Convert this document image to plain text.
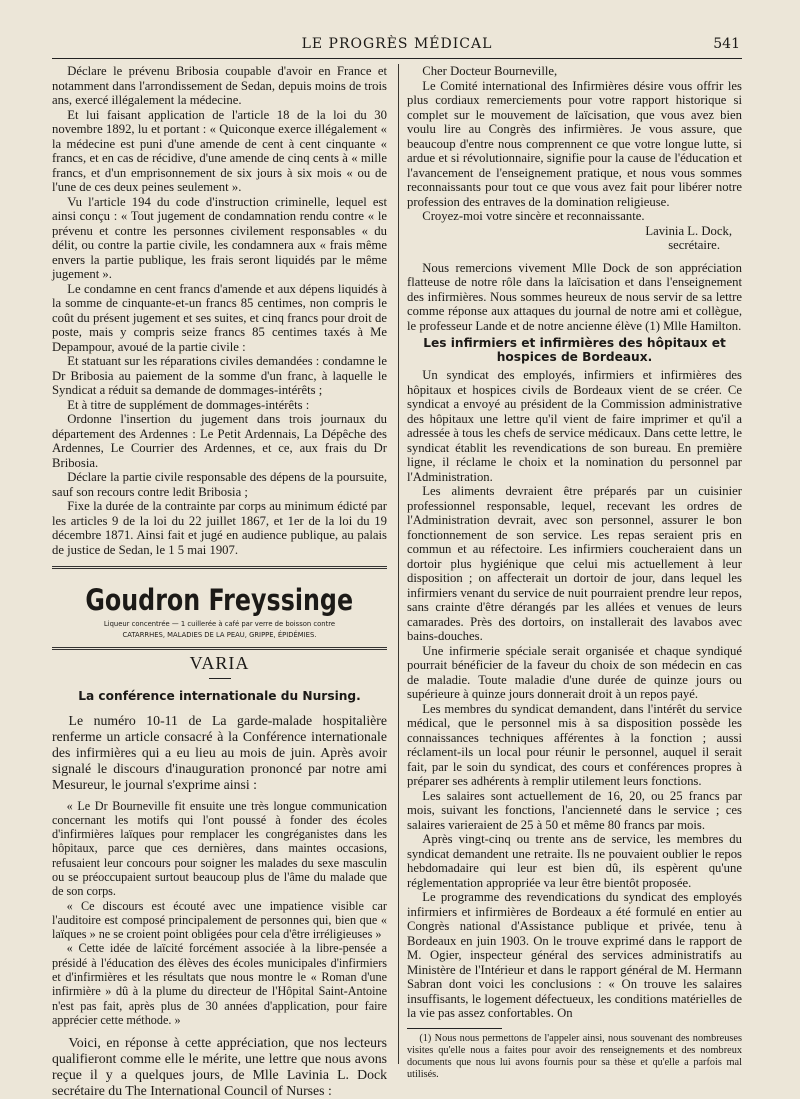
LE PROGRÈS MÉDICAL	541

Déclare le prévenu Bribosia coupable d'avoir en France et notamment dans l'arrondissement de Sedan, depuis moins de trois ans, exercé illégalement la médecine.

Et lui faisant application de l'article 18 de la loi du 30 novembre 1892, lu et portant : « Quiconque exerce illégalement « la médecine est puni d'une amende de cent à cent cinquante « francs, et en cas de récidive, d'une amende de cinq cents à « mille francs, et d'un emprisonnement de six jours à six mois « ou de l'une de ces deux peines seulement ».

Vu l'article 194 du code d'instruction criminelle, lequel est ainsi conçu : « Tout jugement de condamnation rendu contre « le prévenu et contre les personnes civilement responsables « du délit, ou contre la partie civile, les condamnera aux « frais même envers la partie publique, les frais seront liquidés par le même jugement ».

Le condamne en cent francs d'amende et aux dépens liquidés à la somme de cinquante-et-un francs 85 centimes, non compris le coût du présent jugement et ses suites, et cinq francs pour droit de poste, mais y compris seize francs 85 centimes taxés à Me Depampour, avoué de la partie civile :

Et statuant sur les réparations civiles demandées : condamne le Dr Bribosia au paiement de la somme d'un franc, à laquelle le Syndicat a réduit sa demande de dommages-intérêts ;

Et à titre de supplément de dommages-intérêts :

Ordonne l'insertion du jugement dans trois journaux du département des Ardennes : Le Petit Ardennais, La Dépêche des Ardennes, Le Courrier des Ardennes, et ce, aux frais du Dr Bribosia.

Déclare la partie civile responsable des dépens de la poursuite, sauf son recours contre ledit Bribosia ;

Fixe la durée de la contrainte par corps au minimum édicté par les articles 9 de la loi du 22 juillet 1867, et 1er de la loi du 19 décembre 1871. Ainsi fait et jugé en audience publique, au palais de justice de Sedan, le 1 5 mai 1907.

Goudron Freyssinge
Liqueur concentrée — 1 cuillerée à café par verre de boisson contre
CATARRHES, MALADIES DE LA PEAU, GRIPPE, ÉPIDÉMIES.
VARIA
La conférence internationale du Nursing.

Le numéro 10-11 de La garde-malade hospitalière renferme un article consacré à la Conférence internationale des infirmières qui a eu lieu au mois de juin. Après avoir signalé le discours d'inauguration prononcé par notre ami Mesureur, le journal s'exprime ainsi :

« Le Dr Bourneville fit ensuite une très longue communication concernant les motifs qui l'ont poussé à fonder des écoles d'infirmières laïques pour remplacer les congréganistes dans les hôpitaux, parce que ces dernières, dans maintes occasions, refusaient leur concours pour soigner les malades du sexe masculin ou se préoccupaient surtout beaucoup plus de l'âme du malade que de son corps.

« Ce discours est écouté avec une impatience visible car l'auditoire est composé principalement de personnes qui, bien que « laïques » ne se croient point obligées pour cela d'être irréligieuses »

« Cette idée de laïcité forcément associée à la libre-pensée a présidé à l'éducation des élèves des écoles municipales d'infirmiers et d'infirmières et les résultats que nous montre le « Roman d'une infirmière » dû à la plume du directeur de l'Hôpital Saint-Antoine n'est pas fait, après plus de 30 années d'application, pour faire apprécier cette méthode. »

Voici, en réponse à cette appréciation, que nos lecteurs qualifieront comme elle le mérite, une lettre que nous avons reçue il y a quelques jours, de Mlle Lavinia L. Dock secrétaire du The International Council of Nurses :

Cher Docteur Bourneville,

Le Comité international des Infirmières désire vous offrir les plus cordiaux remerciements pour votre rapport historique si complet sur le mouvement de laïcisation, que vous avez bien voulu lire au Congrès des infirmières. Je vous assure, que beaucoup d'entre nous comprennent ce que votre longue lutte, si ardue et si révolutionnaire, signifie pour la cause de l'éducation et l'avancement de l'enseignement pratique, et nous vous sommes reconnaissants pour tout ce que vous avez fait pour libérer notre profession des entraves de la domination religieuse.

Croyez-moi votre sincère et reconnaissante.

Lavinia L. Dock,
secrétaire.

Nous remercions vivement Mlle Dock de son appréciation flatteuse de notre rôle dans la laïcisation et dans l'enseignement des infirmières. Nous sommes heureux de nous servir de sa lettre comme réponse aux attaques du journal de notre ami et collègue, le professeur Lande et de notre ancienne élève (1) Mlle Hamilton.

Les infirmiers et infirmières des hôpitaux et hospices de Bordeaux.

Un syndicat des employés, infirmiers et infirmières des hôpitaux et hospices civils de Bordeaux vient de se créer. Ce syndicat a envoyé au président de la Commission administrative des hôpitaux une lettre qu'il vient de faire imprimer et qu'il a adressée à tous les chefs de service médicaux. Dans cette lettre, le syndicat établit les revendications de son bureau. En première ligne, il réclame le choix et la nomination du personnel par l'Administration.

Les aliments devraient être préparés par un cuisinier professionnel responsable, lequel, recevant les ordres de l'Administration devrait, avec son personnel, assurer le bon fonctionnement de son service. Les repas seraient pris en commun et au réfectoire. Les infirmiers coucheraient dans un dortoir plus hygiénique que celui mis actuellement à leur disposition ; on affecterait un dortoir de jour, dans lequel les infirmiers venant du service de nuit pourraient prendre leur repos, sans crainte d'être dérangés par les allées et venues de leurs camarades. Près des dortoirs, on installerait des lavabos avec bains-douches.

Une infirmerie spéciale serait organisée et chaque syndiqué pourrait bénéficier de la faveur du choix de son médecin en cas de maladie. Toute maladie d'une durée de quinze jours ou supérieure à quinze jours donnerait droit à un repos payé.

Les membres du syndicat demandent, dans l'intérêt du service médical, que le personnel mis à sa disposition possède les connaissances techniques afférentes à la fonction ; aussi réclament-ils un local pour réunir le personnel, auquel il serait fait, par le soin du syndicat, des cours et conférences propres à préparer ses adhérents à remplir utilement leurs fonctions.

Les salaires sont actuellement de 16, 20, ou 25 francs par mois, suivant les fonctions, l'ancienneté dans le service ; ces salaires varieraient de 25 à 50 et même 80 francs par mois.

Après vingt-cinq ou trente ans de service, les membres du syndicat demandent une retraite. Ils ne pouvaient oublier le repos hebdomadaire qui leur est bien dû, ils espèrent qu'une réglementation appropriée va leur être bientôt proposée.

Le programme des revendications du syndicat des employés infirmiers et infirmières de Bordeaux a été formulé en entier au Congrès national d'Assistance publique et privée, tenu à Bordeaux en juin 1903. On le trouve exprimé dans le rapport de M. Ogier, inspecteur général des services administratifs au Ministère de l'Intérieur et dans le rapport général de M. Hermann Sabran dont voici les conclusions : « On trouve les salaires insuffisants, le logement défectueux, les conditions matérielles de la vie pas assez confortables. On

(1) Nous nous permettons de l'appeler ainsi, nous souvenant des nombreuses visites qu'elle nous a faites pour avoir des renseignements et des nombreux documents que nous lui avons fournis pour sa thèse et qu'elle a parfois mal utilisés.
